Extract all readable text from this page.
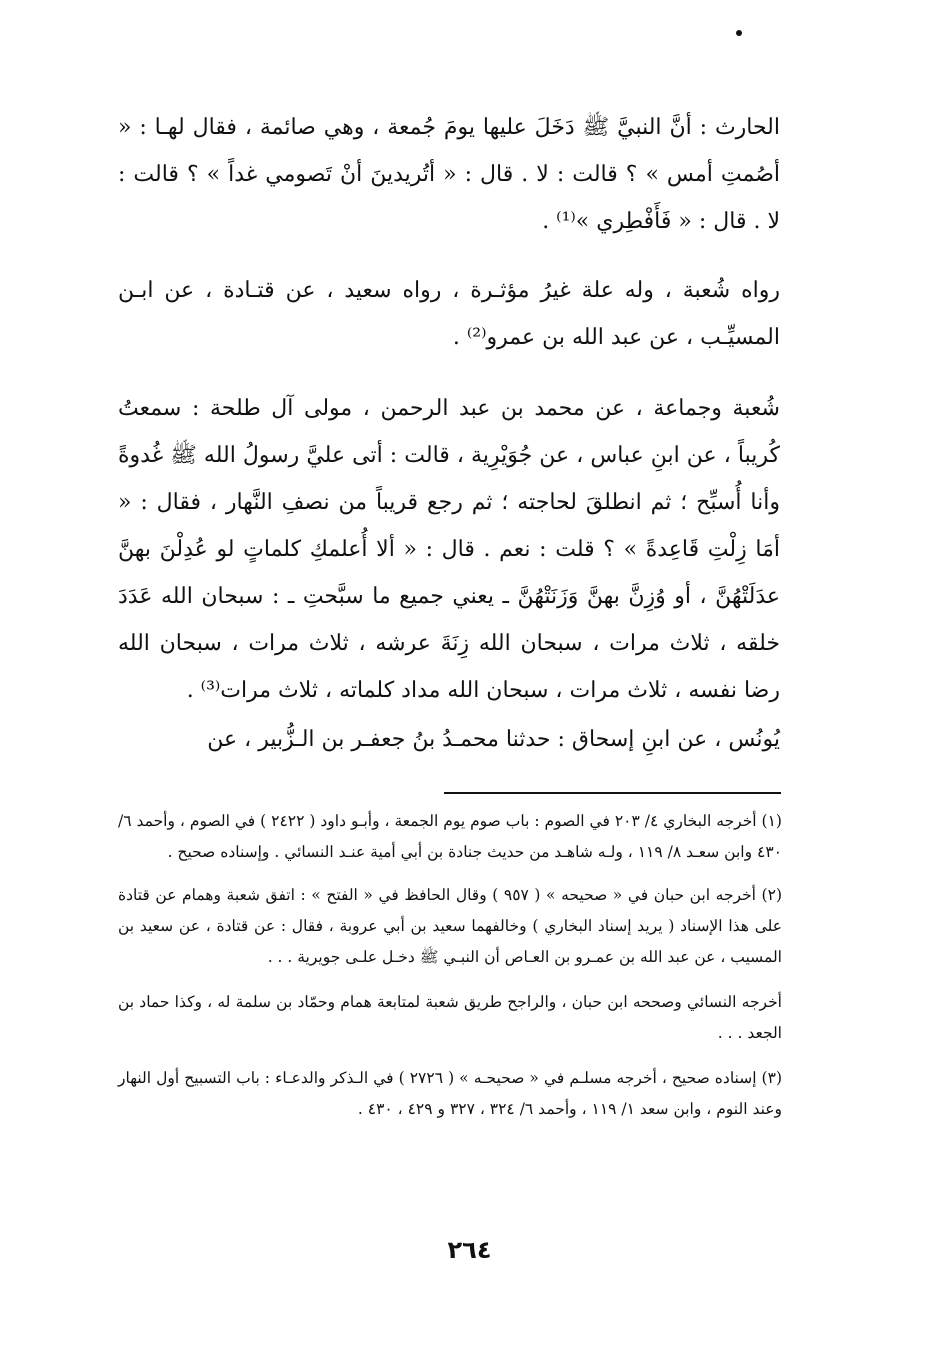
الحارث : أنَّ النبيَّ ﷺ دَخَلَ عليها يومَ جُمعة ، وهي صائمة ، فقال لهـا : « أصُمتِ أمس » ؟ قالت : لا . قال : « أتُريدينَ أنْ تَصومي غداً » ؟ قالت : لا . قال : « فَأَفْطِري »⁽¹⁾ .

رواه شُعبة ، وله علة غيرُ مؤثـرة ، رواه سعيد ، عن قتـادة ، عن ابـن المسيِّـب ، عن عبد الله بن عمرو⁽²⁾ .

شُعبة وجماعة ، عن محمد بن عبد الرحمن ، مولى آل طلحة : سمعتُ كُريباً ، عن ابنِ عباس ، عن جُوَيْرِية ، قالت : أتى عليَّ رسولُ الله ﷺ غُدوةً وأنا أُسبِّح ؛ ثم انطلقَ لحاجته ؛ ثم رجع قريباً من نصفِ النَّهار ، فقال : « أمَا زِلْتِ قَاعِدةً » ؟ قلت : نعم . قال : « ألا أُعلمكِ كلماتٍ لو عُدِلْنَ بهنَّ عدَلَتْهُنَّ ، أو وُزِنَّ بهنَّ وَزَنَتْهُنَّ ـ يعني جميع ما سبَّحتِ ـ : سبحان الله عَدَدَ خلقه ، ثلاث مرات ، سبحان الله زِنَةَ عرشه ، ثلاث مرات ، سبحان الله رضا نفسه ، ثلاث مرات ، سبحان الله مداد كلماته ، ثلاث مرات⁽³⁾ .

يُونُس ، عن ابنِ إسحاق : حدثنا محمـدُ بنُ جعفـر بن الـزُّبير ، عن

(١) أخرجه البخاري ٤/ ٢٠٣ في الصوم : باب صوم يوم الجمعة ، وأبـو داود ( ٢٤٢٢ ) في الصوم ، وأحمد ٦/ ٤٣٠ وابن سعـد ٨/ ١١٩ ، ولـه شاهـد من حديث جنادة بن أبي أمية عنـد النسائي . وإسناده صحيح .

(٢) أخرجه ابن حبان في « صحيحه » ( ٩٥٧ ) وقال الحافظ في « الفتح » : اتفق شعبة وهمام عن قتادة على هذا الإسناد ( يريد إسناد البخاري ) وخالفهما سعيد بن أبي عروبة ، فقال : عن قتادة ، عن سعيد بن المسيب ، عن عبد الله بن عمـرو بن العـاص أن النبـي ﷺ دخـل علـى جويرية . . .

أخرجه النسائي وصححه ابن حبان ، والراجح طريق شعبة لمتابعة همام وحمّاد بن سلمة له ، وكذا حماد بن الجعد . . .

(٣) إسناده صحيح ، أخرجه مسلـم في « صحيحـه » ( ٢٧٢٦ ) في الـذكر والدعـاء : باب التسبيح أول النهار وعند النوم ، وابن سعد ١/ ١١٩ ، وأحمد ٦/ ٣٢٤ ، ٣٢٧ و ٤٢٩ ، ٤٣٠ .

٢٦٤
